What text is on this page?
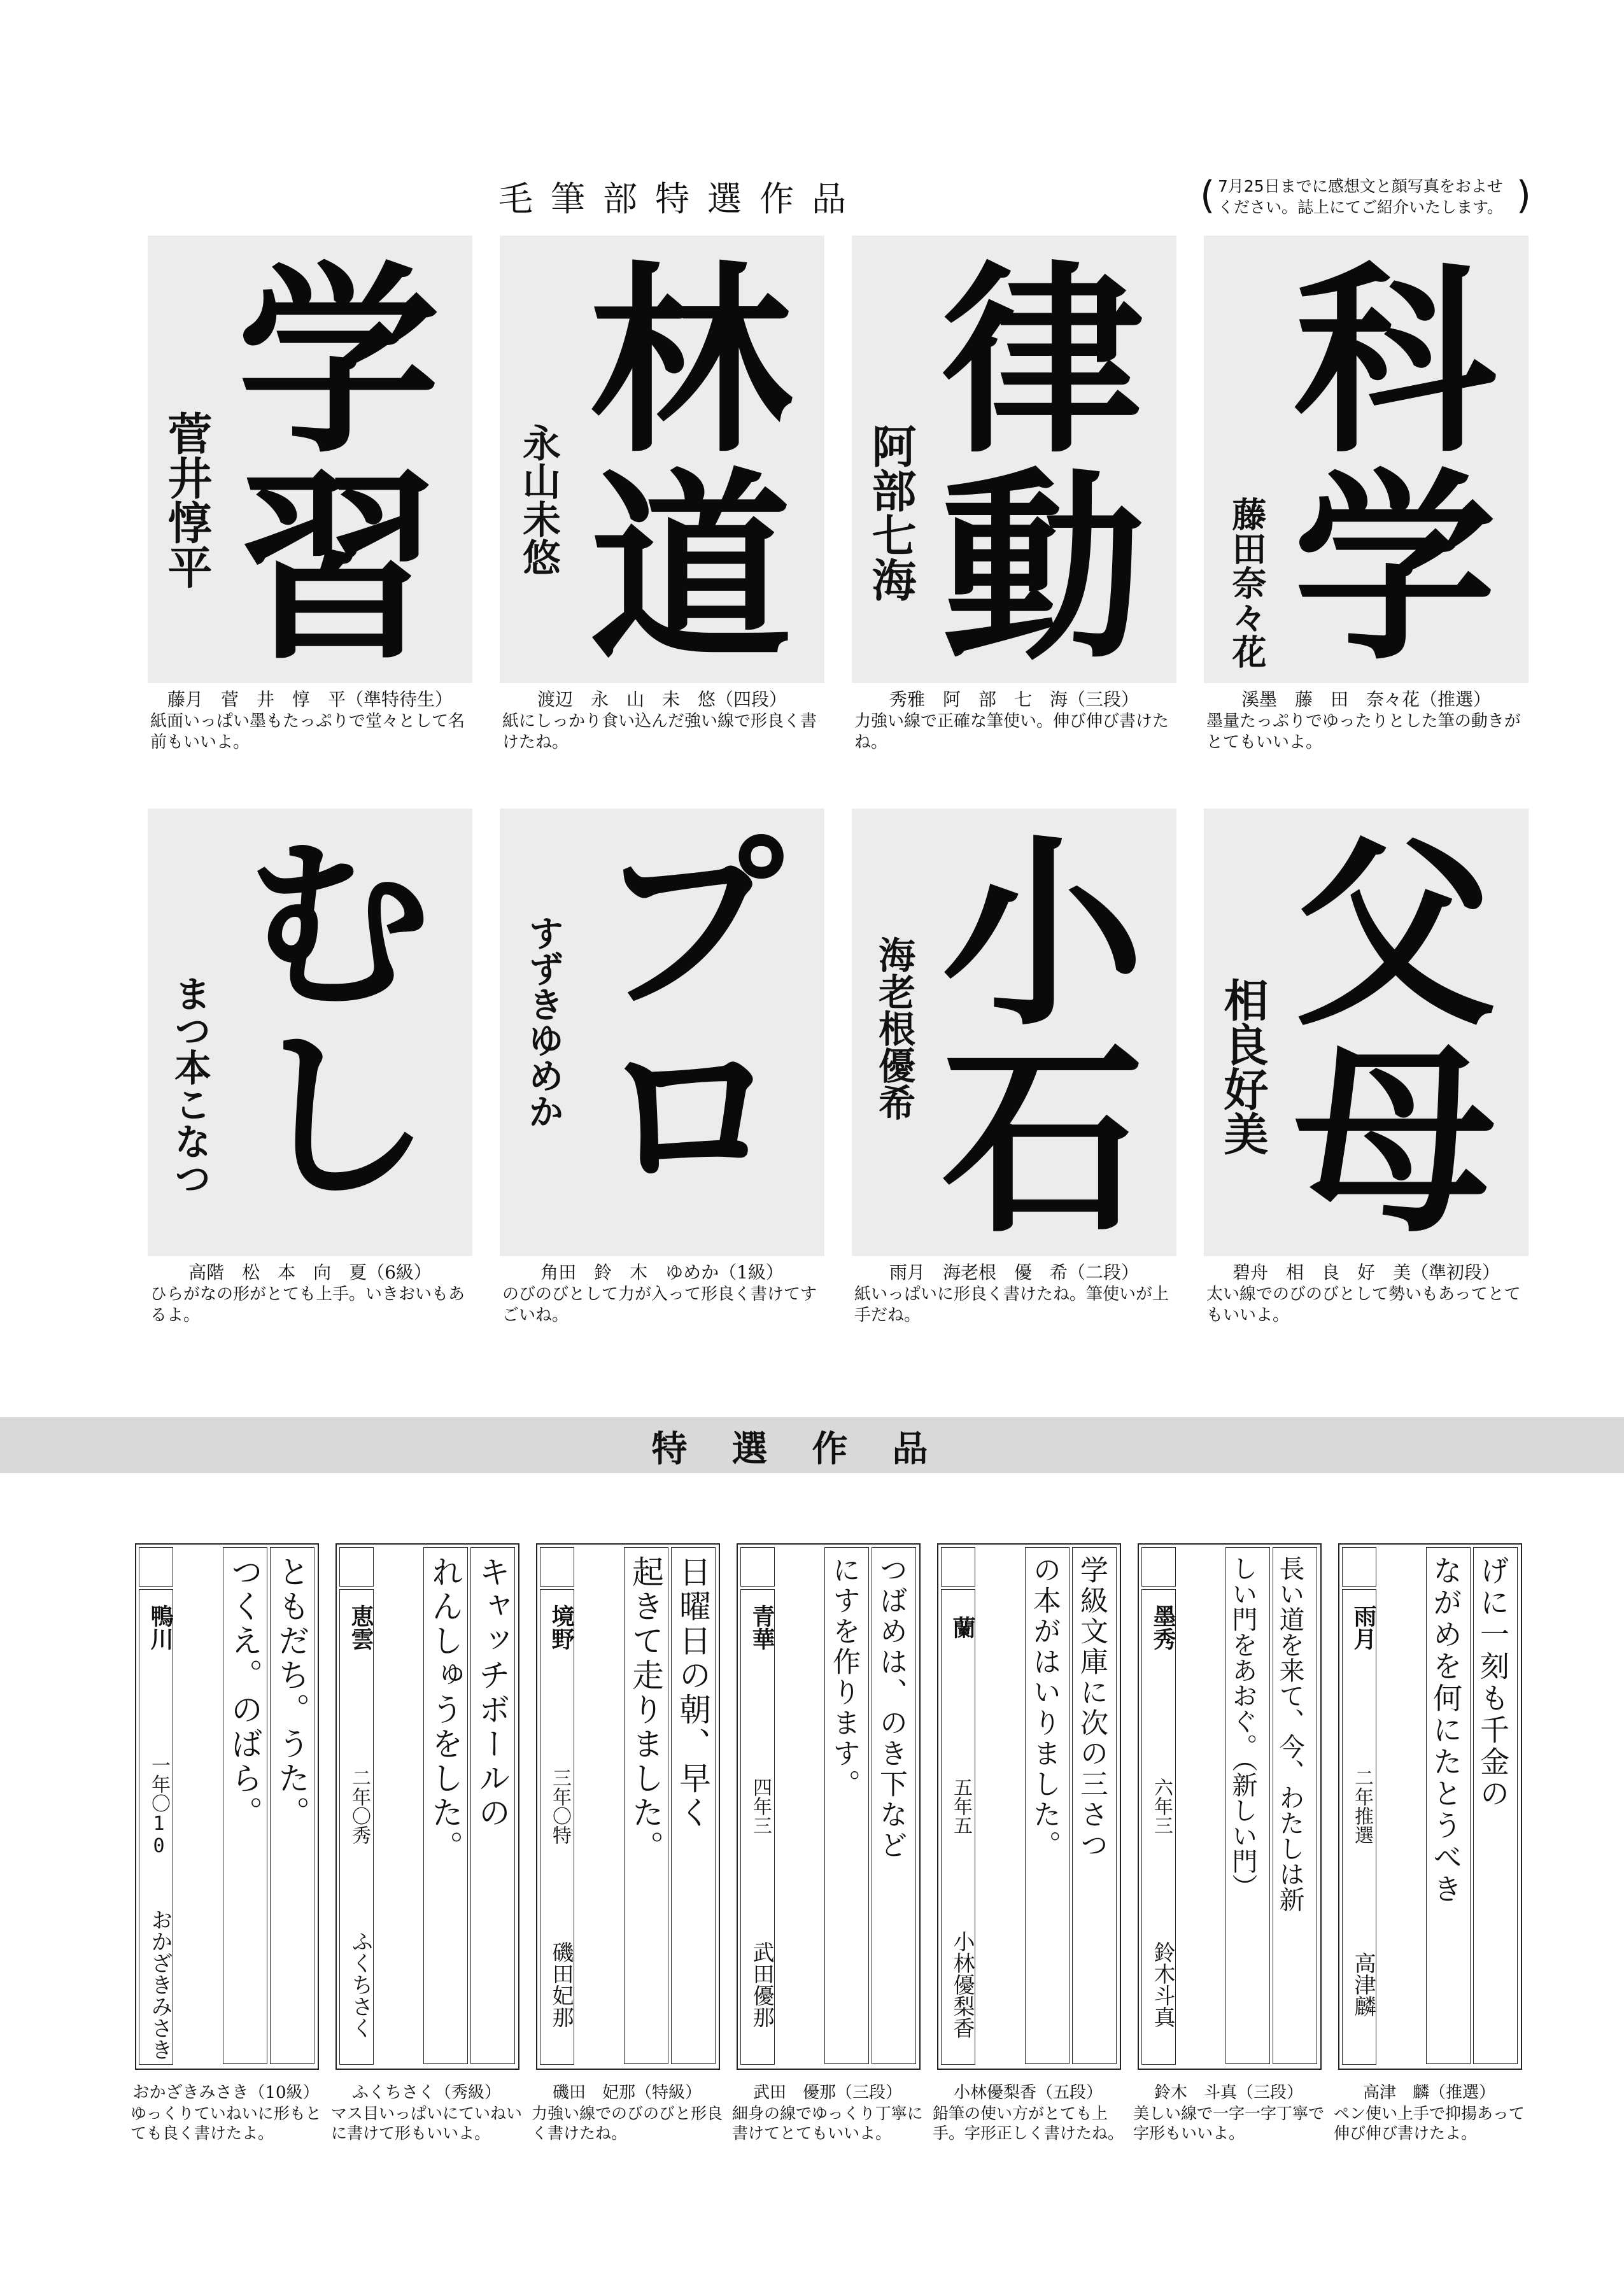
毛筆部特選作品	( 7月25日までに感想文と顔写真をおよせください。誌上にてご紹介いたします。 )
学
習
菅井惇平
藤月　菅　井　惇　平（準特待生）
紙面いっぱい墨もたっぷりで堂々として名前もいいよ。
林
道
永山未悠
渡辺　永　山　未　悠（四段）
紙にしっかり食い込んだ強い線で形良く書けたね。
律
動
阿部七海
秀雅　阿　部　七　海（三段）
力強い線で正確な筆使い。伸び伸び書けたね。
科
学
藤田奈々花
溪墨　藤　田　奈々花（推選）
墨量たっぷりでゆったりとした筆の動きがとてもいいよ。
む
し
まつ本こなつ
高階　松　本　向　夏（6級）
ひらがなの形がとても上手。いきおいもあるよ。
プ
ロ
すずきゆめか
角田　鈴　木　ゆめか（1級）
のびのびとして力が入って形良く書けてすごいね。
小
石
海老根優希
雨月　海老根　優　希（二段）
紙いっぱいに形良く書けたね。筆使いが上手だね。
父
母
相良好美
碧舟　相　良　好　美（準初段）
太い線でのびのびとして勢いもあってとてもいいよ。
特選作品
鴨川
一年〇10
おかざきみさき
つくえ。のばら。 ともだち。うた。	恵雲
二年〇秀
ふくちさく
れんしゅうをした。 キャッチボールの	境野
三年〇特
磯田妃那
起きて走りました。 日曜日の朝、早く	青華
四年三
武田優那
にすを作ります。 つばめは、のき下など	蘭
五年五
小林優梨香
の本がはいりました。 学級文庫に次の三さつ	墨秀
六年三
鈴木斗真
しい門をあおぐ。（新しい門） 長い道を来て、今、わたしは新	雨月
二年推選
高津麟
ながめを何にたとうべき げに一刻も千金の
おかざきみさき（10級）
ゆっくりていねいに形もとても良く書けたよ。
ふくちさく（秀級）
マス目いっぱいにていねいに書けて形もいいよ。
磯田　妃那（特級）
力強い線でのびのびと形良く書けたね。
武田　優那（三段）
細身の線でゆっくり丁寧に書けてとてもいいよ。
小林優梨香（五段）
鉛筆の使い方がとても上手。字形正しく書けたね。
鈴木　斗真（三段）
美しい線で一字一字丁寧で字形もいいよ。
高津　麟（推選）
ペン使い上手で抑揚あって伸び伸び書けたよ。
